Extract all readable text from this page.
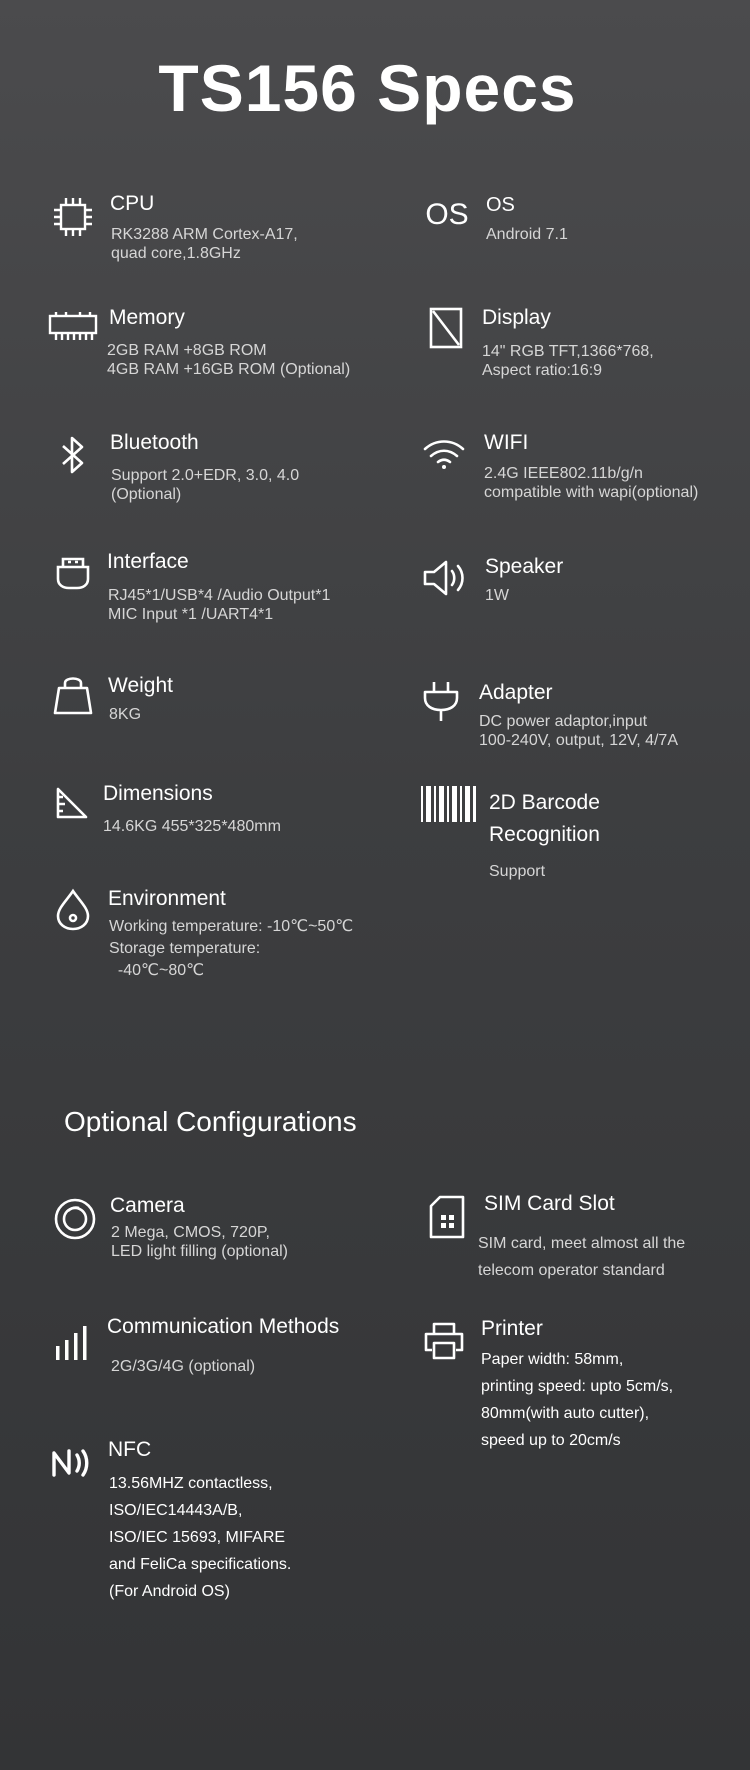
TS156 Specs
CPU
RK3288 ARM Cortex-A17,
quad core,1.8GHz
OS OS
Android 7.1
Memory
2GB RAM +8GB ROM
4GB RAM +16GB ROM (Optional)
Display
14" RGB TFT,1366*768,
Aspect ratio:16:9
Bluetooth
Support 2.0+EDR, 3.0, 4.0
(Optional)
WIFI
2.4G IEEE802.11b/g/n
compatible with wapi(optional)
Interface
RJ45*1/USB*4 /Audio Output*1
MIC Input *1 /UART4*1
Speaker
1W
Weight
8KG
Adapter
DC power adaptor,input
100-240V, output, 12V, 4/7A
Dimensions
14.6KG 455*325*480mm
2D Barcode
Recognition
Support
Environment
Working temperature: -10℃~50℃
Storage temperature:
-40℃~80℃
Optional Configurations
Camera
2 Mega, CMOS, 720P,
LED light filling (optional)
SIM Card Slot
SIM card, meet almost all the
telecom operator standard
Communication Methods
2G/3G/4G (optional)
Printer
Paper width: 58mm,
printing speed: upto 5cm/s,
80mm(with auto cutter),
speed up to 20cm/s
NFC
13.56MHZ contactless,
ISO/IEC14443A/B,
ISO/IEC 15693, MIFARE
and FeliCa specifications.
(For Android OS)
